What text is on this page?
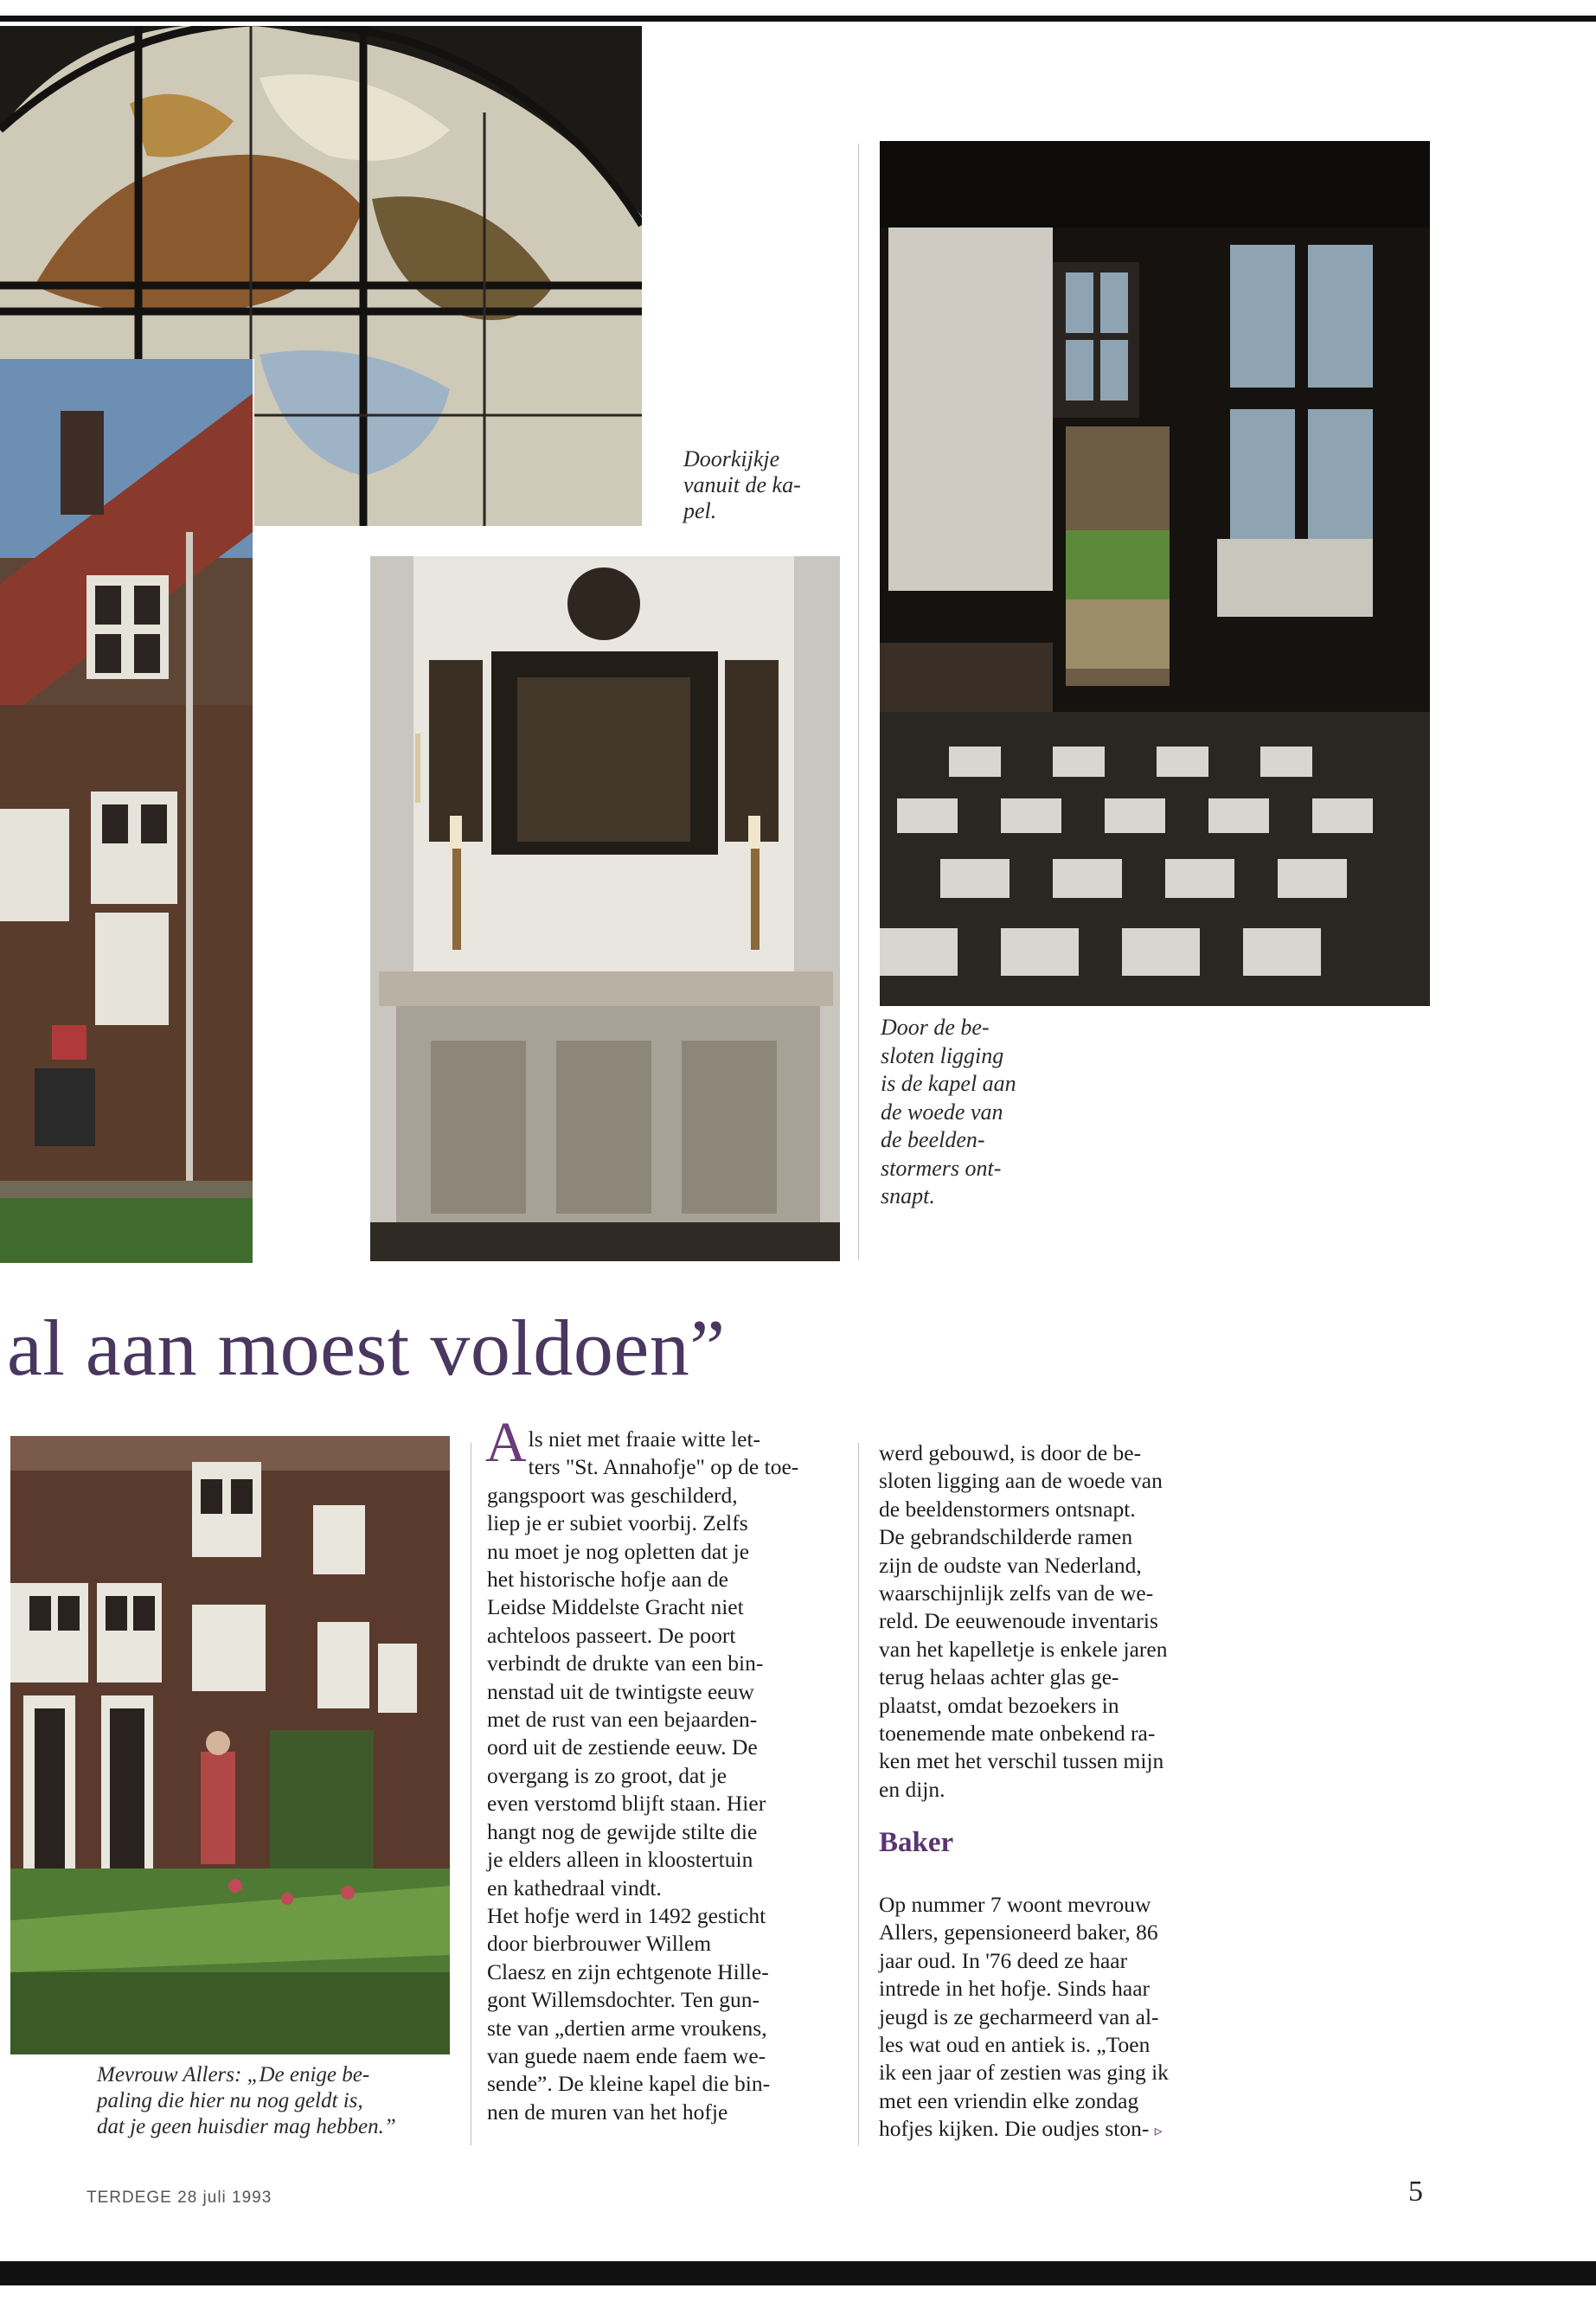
Doorkijkje
vanuit de ka-
pel.
Door de be-
sloten ligging
is de kapel aan
de woede van
de beelden-
stormers ont-
snapt.
Mevrouw Allers: „De enige be-
paling die hier nu nog geldt is,
dat je geen huisdier mag hebben.”
al aan moest voldoen”
A ls niet met fraaie witte let-
ters "St. Annahofje" op de toe-
gangspoort was geschilderd,
liep je er subiet voorbij. Zelfs
nu moet je nog opletten dat je
het historische hofje aan de
Leidse Middelste Gracht niet
achteloos passeert. De poort
verbindt de drukte van een bin-
nenstad uit de twintigste eeuw
met de rust van een bejaarden-
oord uit de zestiende eeuw. De
overgang is zo groot, dat je
even verstomd blijft staan. Hier
hangt nog de gewijde stilte die
je elders alleen in kloostertuin
en kathedraal vindt.
Het hofje werd in 1492 gesticht
door bierbrouwer Willem
Claesz en zijn echtgenote Hille-
gont Willemsdochter. Ten gun-
ste van „dertien arme vroukens,
van guede naem ende faem we-
sende”. De kleine kapel die bin-
nen de muren van het hofje
werd gebouwd, is door de be-
sloten ligging aan de woede van
de beeldenstormers ontsnapt.
De gebrandschilderde ramen
zijn de oudste van Nederland,
waarschijnlijk zelfs van de we-
reld. De eeuwenoude inventaris
van het kapelletje is enkele jaren
terug helaas achter glas ge-
plaatst, omdat bezoekers in
toenemende mate onbekend ra-
ken met het verschil tussen mijn
en dijn.
Baker
Op nummer 7 woont mevrouw
Allers, gepensioneerd baker, 86
jaar oud. In '76 deed ze haar
intrede in het hofje. Sinds haar
jeugd is ze gecharmeerd van al-
les wat oud en antiek is. „Toen
ik een jaar of zestien was ging ik
met een vriendin elke zondag
hofjes kijken. Die oudjes ston- ▹
TERDEGE 28 juli 1993	5
